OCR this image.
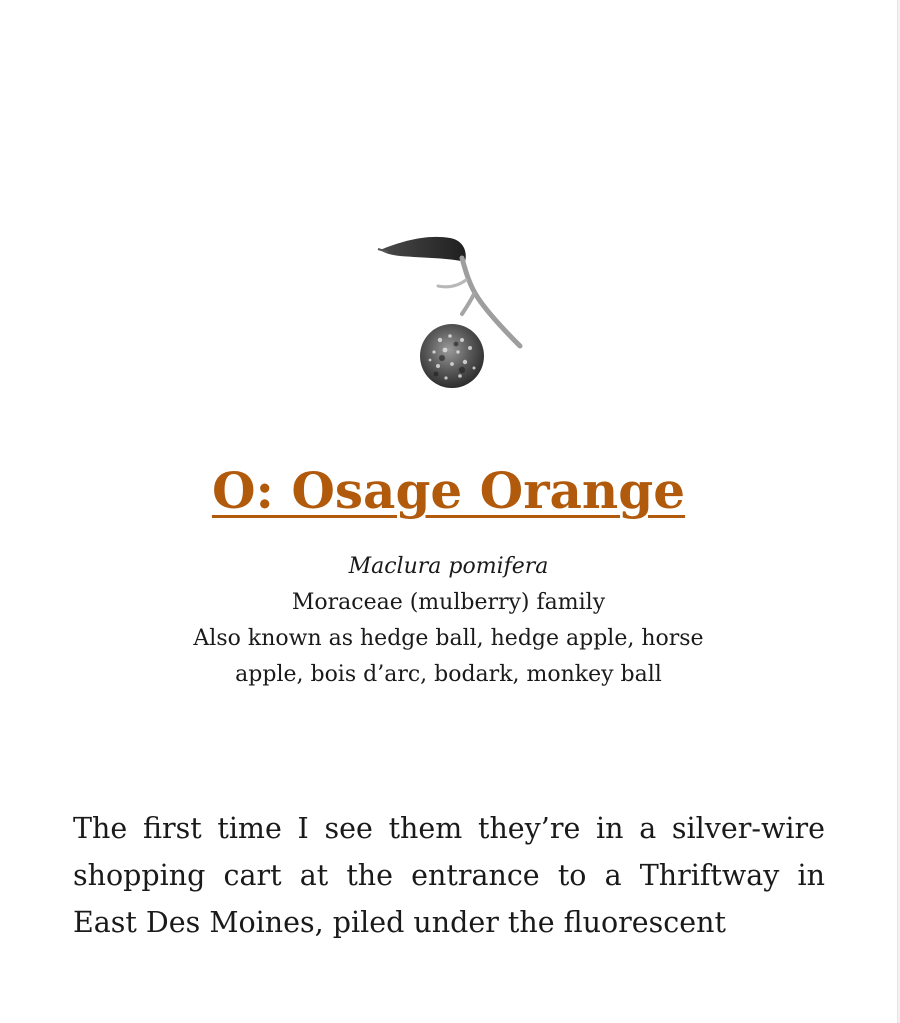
O: Osage Orange
Maclura pomifera
Moraceae (mulberry) family
Also known as hedge ball, hedge apple, horse apple, bois d’arc, bodark, monkey ball

The first time I see them they’re in a silver-wire shopping cart at the entrance to a Thriftway in East Des Moines, piled under the fluorescent
